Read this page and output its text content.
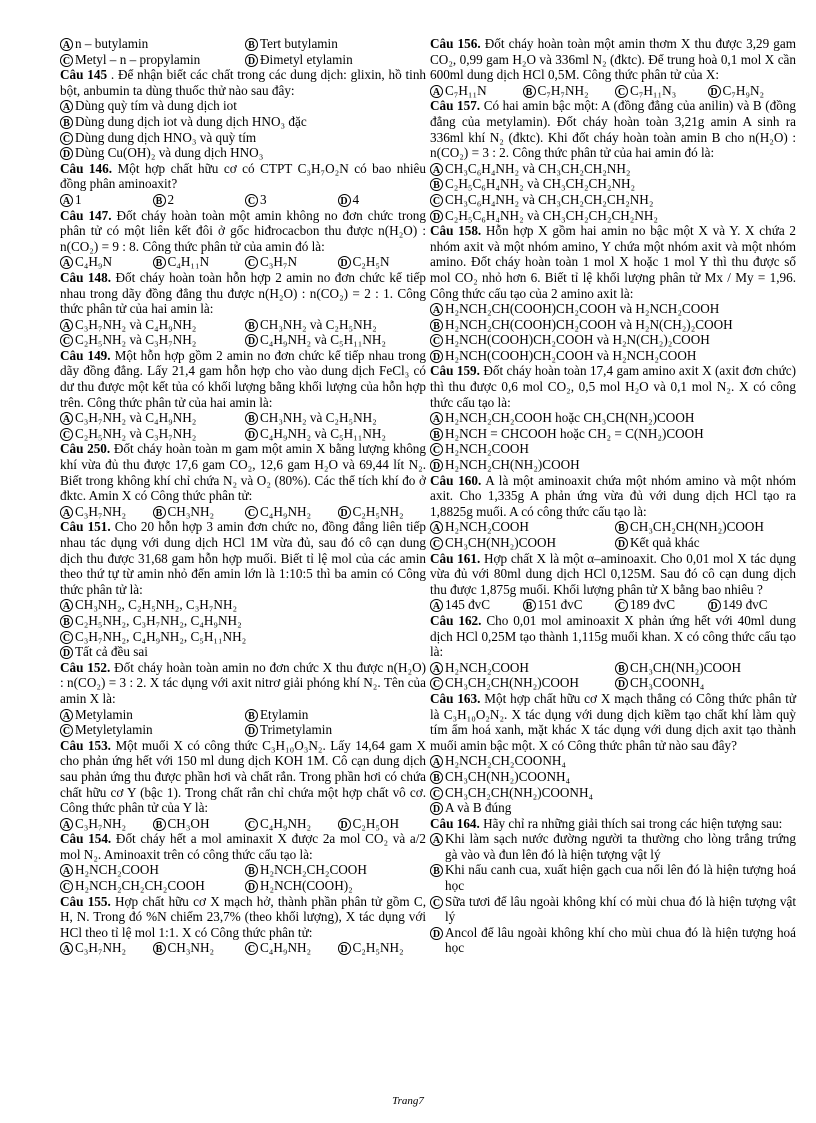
A n – butylamin	B Tert butylamin
C Metyl – n – propylamin	D Đimetyl etylamin

Câu 145 . Để nhận biết các chất trong các dung dịch: glixin, hồ tinh bột, anbumin ta dùng thuốc thử nào sau đây:

A Dùng quỳ tím và dung dịch iot
B Dùng dung dịch iot và dung dịch HNO₃ đặc
C Dùng dung dịch HNO₃ và quỳ tím
D Dùng Cu(OH)₂ và dung dịch HNO₃

Câu 146. Một hợp chất hữu cơ có CTPT C₃H₇O₂N có bao nhiêu đồng phân aminoaxit?

A 1	B 2	C 3	D 4

Câu 147. Đốt cháy hoàn toàn một amin không no đơn chức trong phân tử có một liên kết đôi ở gốc hiđrocacbon thu được n(H₂O) : n(CO₂) = 9 : 8. Công thức phân tử của amin đó là:

A C₄H₉N	B C₄H₁₁N	C C₃H₇N	D C₂H₅N

Câu 148. Đốt cháy hoàn toàn hỗn hợp 2 amin no đơn chức kế tiếp nhau trong dãy đồng đẳng thu được n(H₂O) : n(CO₂) = 2 : 1. Công thức phân tử của hai amin là:

A C₃H₇NH₂ và C₄H₉NH₂	B CH₃NH₂ và C₂H₅NH₂
C C₂H₅NH₂ và C₃H₇NH₂	D C₄H₉NH₂ và C₅H₁₁NH₂

Câu 149. Một hỗn hợp gồm 2 amin no đơn chức kế tiếp nhau trong dãy đồng đẳng. Lấy 21,4 gam hỗn hợp cho vào dung dịch FeCl₃ có dư thu được một kết tủa có khối lượng bằng khối lượng của hỗn hợp trên. Công thức phân tử của hai amin là:

A C₃H₇NH₂ và C₄H₉NH₂	B CH₃NH₂ và C₂H₅NH₂
C C₂H₅NH₂ và C₃H₇NH₂	D C₄H₉NH₂ và C₅H₁₁NH₂

Câu 250. Đốt cháy hoàn toàn m gam một amin X bằng lượng không khí vừa đủ thu được 17,6 gam CO₂, 12,6 gam H₂O và 69,44 lít N₂. Biết trong không khí chỉ chứa N₂ và O₂ (80%). Các thể tích khí đo ở đktc. Amin X có Công thức phân tử:

A C₃H₇NH₂	B CH₃NH₂	C C₄H₉NH₂	D C₂H₅NH₂

Câu 151. Cho 20 hỗn hợp 3 amin đơn chức no, đồng đẳng liên tiếp nhau tác dụng với dung dịch HCl 1M vừa đủ, sau đó cô cạn dung dịch thu được 31,68 gam hỗn hợp muối. Biết tỉ lệ mol của các amin theo thứ tự từ amin nhỏ đến amin lớn là 1:10:5 thì ba amin có Công thức phân tử là:

A CH₃NH₂, C₂H₅NH₂, C₃H₇NH₂
B C₂H₅NH₂, C₃H₇NH₂, C₄H₉NH₂
C C₃H₇NH₂, C₄H₉NH₂, C₅H₁₁NH₂
D Tất cả đều sai

Câu 152. Đốt cháy hoàn toàn amin no đơn chức X thu được n(H₂O) : n(CO₂) = 3 : 2. X tác dụng với axit nitrơ giải phóng khí N₂. Tên của amin X là:

A Metylamin	B Etylamin
C Metyletylamin	D Trimetylamin

Câu 153. Một muối X có công thức C₃H₁₀O₃N₂. Lấy 14,64 gam X cho phản ứng hết với 150 ml dung dịch KOH 1M. Cô cạn dung dịch sau phản ứng thu được phần hơi và chất rắn. Trong phần hơi có chứa chất hữu cơ Y (bậc 1). Trong chất rắn chỉ chứa một hợp chất vô cơ. Công thức phân tử của Y là:

A C₃H₇NH₂	B CH₃OH	C C₄H₉NH₂	D C₂H₅OH

Câu 154. Đốt cháy hết a mol aminaxit X được 2a mol CO₂ và a/2 mol N₂. Aminoaxit trên có công thức cấu tạo là:

A H₂NCH₂COOH	B H₂NCH₂CH₂COOH
C H₂NCH₂CH₂CH₂COOH	D H₂NCH(COOH)₂

Câu 155. Hợp chất hữu cơ X mạch hở, thành phần phân tử gồm C, H, N. Trong đó %N chiếm 23,7% (theo khối lượng), X tác dụng với HCl theo tỉ lệ mol 1:1. X có Công thức phân tử:

A C₃H₇NH₂	B CH₃NH₂	C C₄H₉NH₂	D C₂H₅NH₂

Câu 156. Đốt cháy hoàn toàn một amin thơm X thu được 3,29 gam CO₂, 0,99 gam H₂O và 336ml N₂ (đktc). Để trung hoà 0,1 mol X cần 600ml dung dịch HCl 0,5M. Công thức phân tử của X:

A C₇H₁₁N	B C₇H₇NH₂	C C₇H₁₁N₃	D C₇H₉N₂

Câu 157. Có hai amin bậc một: A (đồng đẳng của anilin) và B (đồng đẳng của metylamin). Đốt cháy hoàn toàn 3,21g amin A sinh ra 336ml khí N₂ (đktc). Khi đốt cháy hoàn toàn amin B cho n(H₂O) : n(CO₂) = 3 : 2. Công thức phân tử của hai amin đó là:

A CH₃C₆H₄NH₂ và CH₃CH₂CH₂NH₂
B C₂H₅C₆H₄NH₂ và CH₃CH₂CH₂NH₂
C CH₃C₆H₄NH₂ và CH₃CH₂CH₂CH₂NH₂
D C₂H₅C₆H₄NH₂ và CH₃CH₂CH₂CH₂NH₂

Câu 158. Hỗn hợp X gồm hai amin no bậc một X và Y. X chứa 2 nhóm axit và một nhóm amino, Y chứa một nhóm axit và một nhóm amino. Đốt cháy hoàn toàn 1 mol X hoặc 1 mol Y thì thu được số mol CO₂ nhỏ hơn 6. Biết tỉ lệ khối lượng phân tử Mx / My = 1,96. Công thức cấu tạo của 2 amino axit là:

A H₂NCH₂CH(COOH)CH₂COOH và H₂NCH₂COOH
B H₂NCH₂CH(COOH)CH₂COOH và H₂N(CH₂)₂COOH
C H₂NCH(COOH)CH₂COOH và H₂N(CH₂)₂COOH
D H₂NCH(COOH)CH₂COOH và H₂NCH₂COOH

Câu 159. Đốt cháy hoàn toàn 17,4 gam amino axit X (axit đơn chức) thì thu được 0,6 mol CO₂, 0,5 mol H₂O và 0,1 mol N₂. X có công thức cấu tạo là:

A H₂NCH₂CH₂COOH hoặc CH₃CH(NH₂)COOH
B H₂NCH = CHCOOH hoặc CH₂ = C(NH₂)COOH
C H₂NCH₂COOH
D H₂NCH₂CH(NH₂)COOH

Câu 160. A là một aminoaxit chứa một nhóm amino và một nhóm axit. Cho 1,335g A phản ứng vừa đủ với dung dịch HCl tạo ra 1,8825g muối. A có công thức cấu tạo là:

A H₂NCH₂COOH	B CH₃CH₂CH(NH₂)COOH
C CH₃CH(NH₂)COOH	D Kết quả khác

Câu 161. Hợp chất X là một α–aminoaxit. Cho 0,01 mol X tác dụng vừa đủ với 80ml dung dịch HCl 0,125M. Sau đó cô cạn dung dịch thu được 1,875g muối. Khối lượng phân tử X bằng bao nhiêu ?

A 145 đvC	B 151 đvC	C 189 đvC	D 149 đvC

Câu 162. Cho 0,01 mol aminoaxit X phản ứng hết với 40ml dung dịch HCl 0,25M tạo thành 1,115g muối khan. X có công thức cấu tạo là:

A H₂NCH₂COOH	B CH₃CH(NH₂)COOH
C CH₃CH₂CH(NH₂)COOH	D CH₃COONH₄

Câu 163. Một hợp chất hữu cơ X mạch thẳng có Công thức phân tử là C₃H₁₀O₂N₂. X tác dụng với dung dịch kiềm tạo chất khí làm quỳ tím ẩm hoá xanh, mặt khác X tác dụng với dung dịch axit tạo thành muối amin bậc một. X có Công thức phân tử nào sau đây?

A H₂NCH₂CH₂COONH₄
B CH₃CH(NH₂)COONH₄
C CH₃CH₂CH(NH₂)COONH₄
D A và B đúng

Câu 164. Hãy chỉ ra những giải thích sai trong các hiện tượng sau:

A Khi làm sạch nước đường người ta thường cho lòng trắng trứng gà vào và đun lên đó là hiện tượng vật lý
B Khi nấu canh cua, xuất hiện gạch cua nổi lên đó là hiện tượng hoá học
C Sữa tươi để lâu ngoài không khí có mùi chua đó là hiện tượng vật lý
D Ancol để lâu ngoài không khí cho mùi chua đó là hiện tượng hoá học
Trang7
